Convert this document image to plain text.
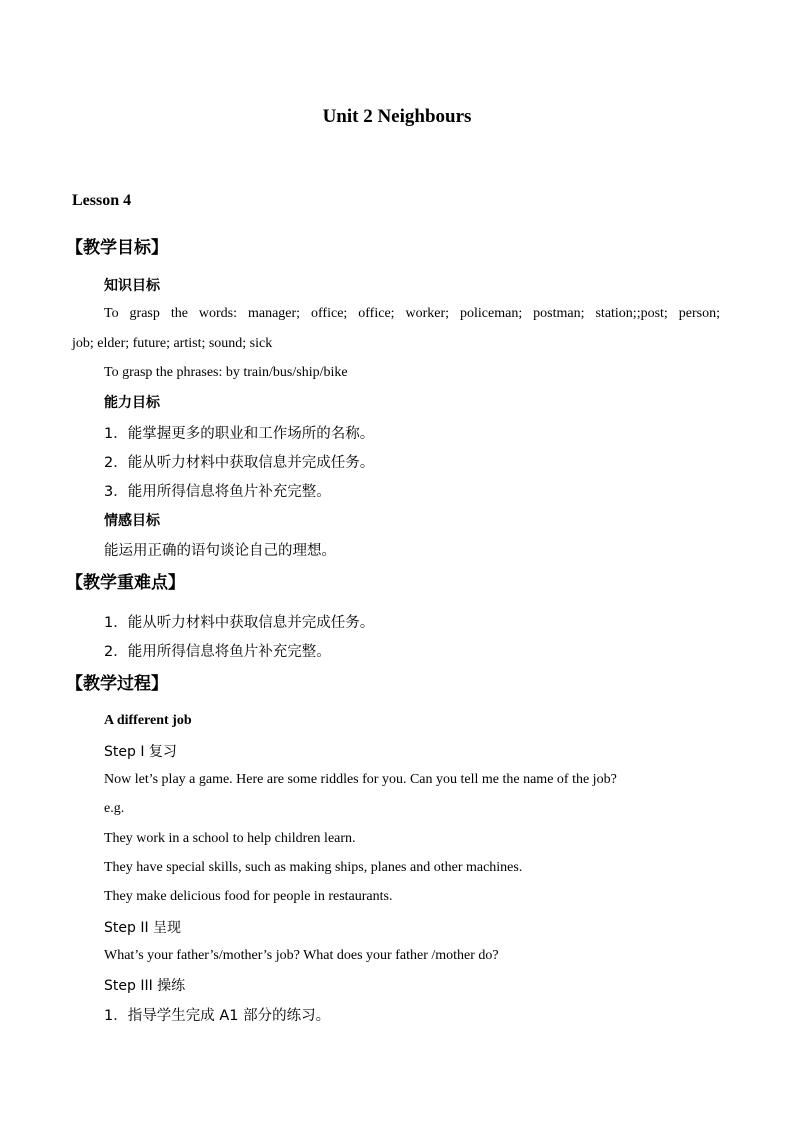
Unit 2 Neighbours
Lesson 4
【教学目标】
知识目标
To grasp the words: manager; office; office; worker; policeman; postman; station;;post; person;
job; elder; future; artist; sound; sick
To grasp the phrases: by train/bus/ship/bike
能力目标
1．能掌握更多的职业和工作场所的名称。
2．能从听力材料中获取信息并完成任务。
3．能用所得信息将鱼片补充完整。
情感目标
能运用正确的语句谈论自己的理想。
【教学重难点】
1．能从听力材料中获取信息并完成任务。
2．能用所得信息将鱼片补充完整。
【教学过程】
A different job
Step I 复习
Now let’s play a game. Here are some riddles for you. Can you tell me the name of the job?
e.g.
They work in a school to help children learn.
They have special skills, such as making ships, planes and other machines.
They make delicious food for people in restaurants.
Step II 呈现
What’s your father’s/mother’s job? What does your father /mother do?
Step III 操练
1．指导学生完成 A1 部分的练习。
